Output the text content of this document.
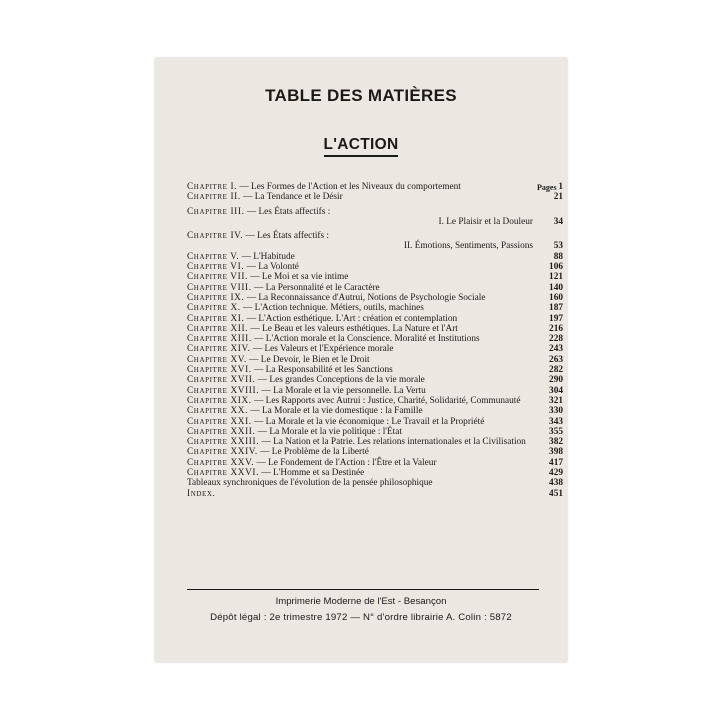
TABLE DES MATIÈRES
L'ACTION
Pages
Chapitre I. — Les Formes de l'Action et les Niveaux du comportement	1
Chapitre II. — La Tendance et le Désir	21
Chapitre III. — Les États affectifs :
I. Le Plaisir et la Douleur	34
Chapitre IV. — Les États affectifs :
II. Émotions, Sentiments, Passions	53
Chapitre V. — L'Habitude	88
Chapitre VI. — La Volonté	106
Chapitre VII. — Le Moi et sa vie intime	121
Chapitre VIII. — La Personnalité et le Caractère	140
Chapitre IX. — La Reconnaissance d'Autrui, Notions de Psychologie Sociale	160
Chapitre X. — L'Action technique. Métiers, outils, machines	187
Chapitre XI. — L'Action esthétique. L'Art : création et contemplation	197
Chapitre XII. — Le Beau et les valeurs esthétiques. La Nature et l'Art	216
Chapitre XIII. — L'Action morale et la Conscience. Moralité et Institutions	228
Chapitre XIV. — Les Valeurs et l'Expérience morale	243
Chapitre XV. — Le Devoir, le Bien et le Droit	263
Chapitre XVI. — La Responsabilité et les Sanctions	282
Chapitre XVII. — Les grandes Conceptions de la vie morale	290
Chapitre XVIII. — La Morale et la vie personnelle. La Vertu	304
Chapitre XIX. — Les Rapports avec Autrui : Justice, Charité, Solidarité, Communauté	321
Chapitre XX. — La Morale et la vie domestique : la Famille	330
Chapitre XXI. — La Morale et la vie économique : Le Travail et la Propriété	343
Chapitre XXII. — La Morale et la vie politique : l'État	355
Chapitre XXIII. — La Nation et la Patrie. Les relations internationales et la Civilisation	382
Chapitre XXIV. — Le Problème de la Liberté	398
Chapitre XXV. — Le Fondement de l'Action : l'Être et la Valeur	417
Chapitre XXVI. — L'Homme et sa Destinée	429
Tableaux synchroniques de l'évolution de la pensée philosophique	438
Index.	451
Imprimerie Moderne de l'Est - Besançon
Dépôt légal : 2e trimestre 1972 — N° d'ordre librairie A. Colin : 5872
